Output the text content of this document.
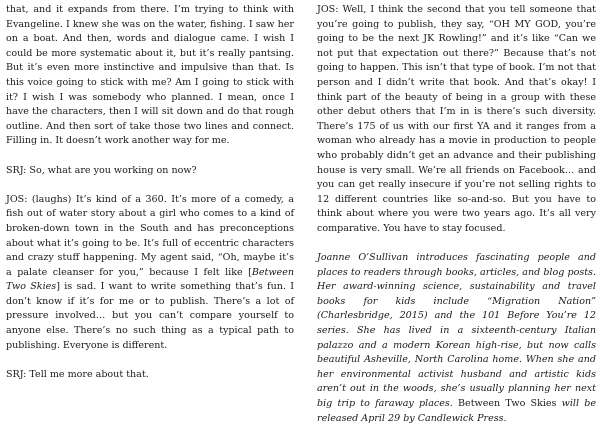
that, and it expands from there. I’m trying to think with Evangeline. I knew she was on the water, fishing. I saw her on a boat. And then, words and dialogue came. I wish I could be more systematic about it, but it’s really pantsing. But it’s even more instinctive and impulsive than that. Is this voice going to stick with me? Am I going to stick with it? I wish I was somebody who planned. I mean, once I have the characters, then I will sit down and do that rough outline. And then sort of take those two lines and connect. Filling in. It doesn’t work another way for me.

SRJ: So, what are you working on now?

JOS: (laughs) It’s kind of a 360. It’s more of a comedy, a fish out of water story about a girl who comes to a kind of broken-down town in the South and has preconceptions about what it’s going to be. It’s full of eccentric characters and crazy stuff happening. My agent said, “Oh, maybe it’s a palate cleanser for you,” because I felt like [Between Two Skies] is sad. I want to write something that’s fun. I don’t know if it’s for me or to publish. There’s a lot of pressure involved… but you can’t compare yourself to anyone else. There’s no such thing as a typical path to publishing. Everyone is different.

SRJ: Tell me more about that.

JOS: Well, I think the second that you tell someone that you’re going to publish, they say, “OH MY GOD, you’re going to be the next JK Rowling!” and it’s like “Can we not put that expectation out there?” Because that’s not going to happen. This isn’t that type of book. I’m not that person and I didn’t write that book. And that’s okay! I think part of the beauty of being in a group with these other debut others that I’m in is there’s such diversity. There’s 175 of us with our first YA and it ranges from a woman who already has a movie in production to people who probably didn’t get an advance and their publishing house is very small. We’re all friends on Facebook… and you can get really insecure if you’re not selling rights to 12 different countries like so-and-so. But you have to think about where you were two years ago. It’s all very comparative. You have to stay focused.

Joanne O’Sullivan introduces fascinating people and places to readers through books, articles, and blog posts. Her award-winning science, sustainability and travel books for kids include “Migration Nation” (Charlesbridge, 2015) and the 101 Before You’re 12 series. She has lived in a sixteenth-century Italian palazzo and a modern Korean high-rise, but now calls beautiful Asheville, North Carolina home. When she and her environmental activist husband and artistic kids aren’t out in the woods, she’s usually planning her next big trip to faraway places. Between Two Skies will be released April 29 by Candlewick Press.
